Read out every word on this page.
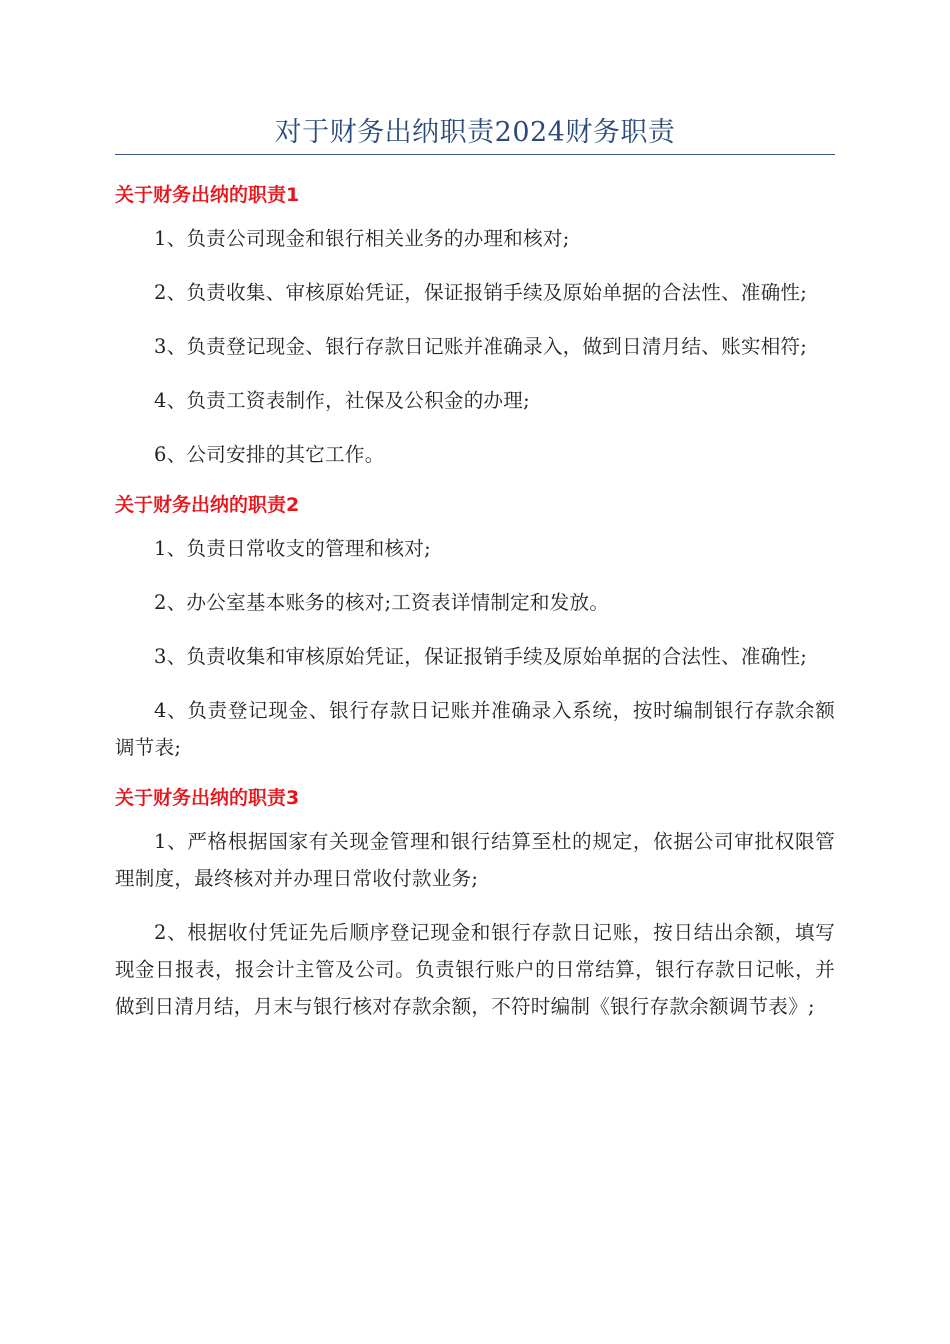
对于财务出纳职责2024财务职责
关于财务出纳的职责1

1、负责公司现金和银行相关业务的办理和核对;

2、负责收集、审核原始凭证，保证报销手续及原始单据的合法性、准确性;

3、负责登记现金、银行存款日记账并准确录入，做到日清月结、账实相符;

4、负责工资表制作，社保及公积金的办理;

6、公司安排的其它工作。

关于财务出纳的职责2

1、负责日常收支的管理和核对;

2、办公室基本账务的核对;工资表详情制定和发放。

3、负责收集和审核原始凭证，保证报销手续及原始单据的合法性、准确性;

4、负责登记现金、银行存款日记账并准确录入系统，按时编制银行存款余额调节表;

关于财务出纳的职责3

1、严格根据国家有关现金管理和银行结算至杜的规定，依据公司审批权限管理制度，最终核对并办理日常收付款业务;

2、根据收付凭证先后顺序登记现金和银行存款日记账，按日结出余额，填写现金日报表，报会计主管及公司。负责银行账户的日常结算，银行存款日记帐，并做到日清月结，月末与银行核对存款余额，不符时编制《银行存款余额调节表》;
